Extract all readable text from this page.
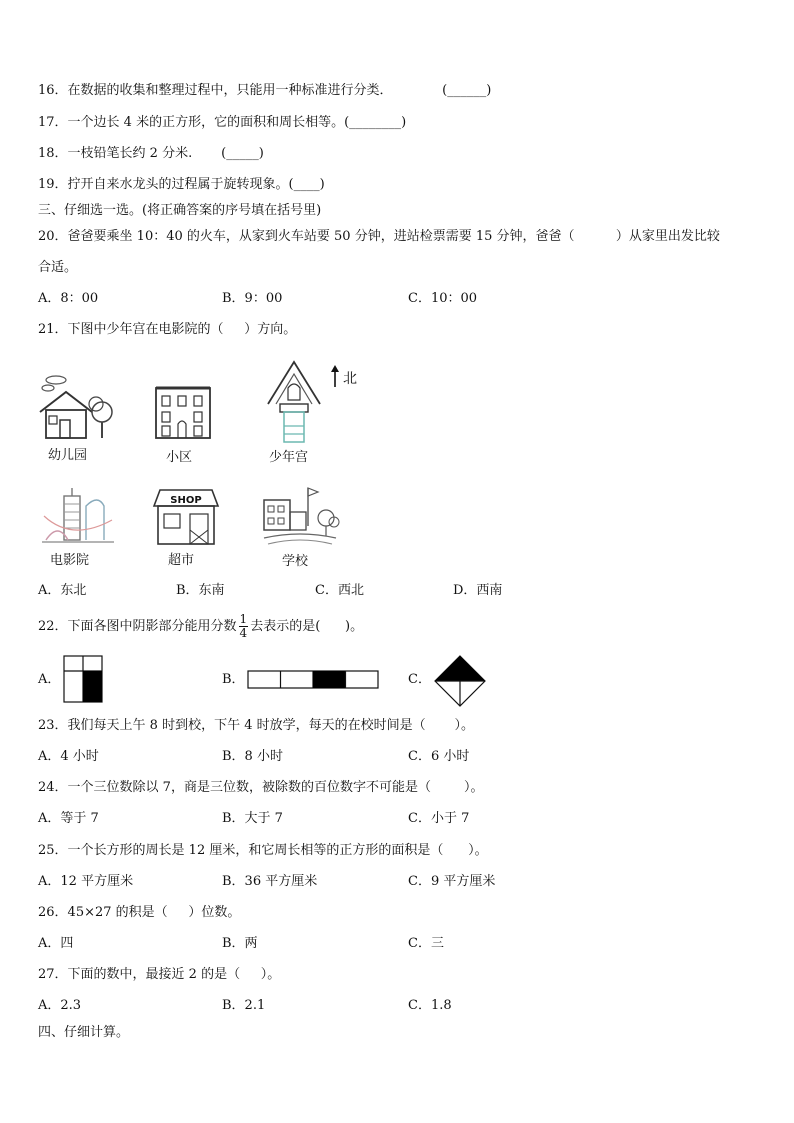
16．在数据的收集和整理过程中，只能用一种标准进行分类．            (______)
17．一个边长 4 米的正方形，它的面积和周长相等。(________)
18．一枝铅笔长约 2 分米.       (_____)
19．拧开自来水龙头的过程属于旋转现象。(____)
三、仔细选一选。(将正确答案的序号填在括号里)
20．爸爸要乘坐 10：40 的火车，从家到火车站要 50 分钟，进站检票需要 15 分钟，爸爸（          ）从家里出发比较
合适。
A．8：00	B．9：00	C．10：00
21．下图中少年宫在电影院的（     ）方向。
幼儿园	小区	少年宫
北
电影院
SHOP
超市	学校
A．东北	B．东南	C．西北	D．西南
22．下面各图中阴影部分能用分数 $\frac{1}{4}$ 去表示的是(      )。
A．	B．	C．
23．我们每天上午 8 时到校，下午 4 时放学，每天的在校时间是（       ）。
A．4 小时	B．8 小时	C．6 小时
24．一个三位数除以 7，商是三位数，被除数的百位数字不可能是（        ）。
A．等于 7	B．大于 7	C．小于 7
25．一个长方形的周长是 12 厘米，和它周长相等的正方形的面积是（      ）。
A．12 平方厘米	B．36 平方厘米	C．9 平方厘米
26．45×27 的积是（     ）位数。
A．四	B．两	C．三
27．下面的数中，最接近 2 的是（     ）。
A．2.3	B．2.1	C．1.8
四、仔细计算。
